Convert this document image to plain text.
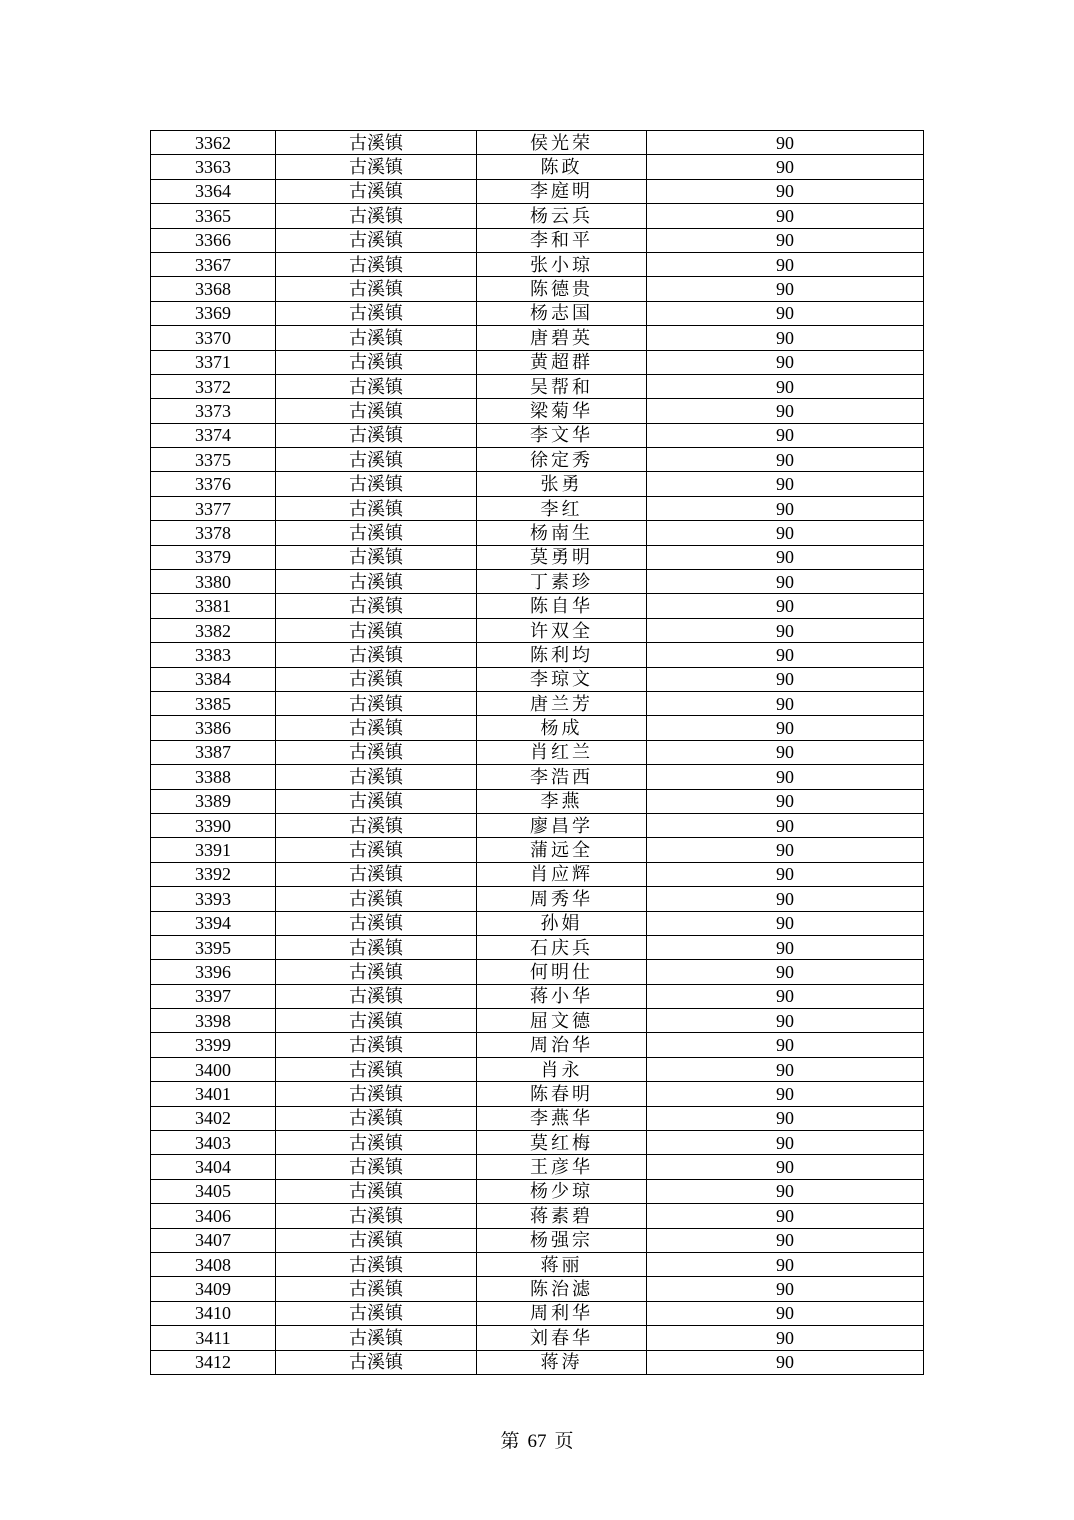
3362	古溪镇	侯光荣	90
3363	古溪镇	陈政	90
3364	古溪镇	李庭明	90
3365	古溪镇	杨云兵	90
3366	古溪镇	李和平	90
3367	古溪镇	张小琼	90
3368	古溪镇	陈德贵	90
3369	古溪镇	杨志国	90
3370	古溪镇	唐碧英	90
3371	古溪镇	黄超群	90
3372	古溪镇	吴帮和	90
3373	古溪镇	梁菊华	90
3374	古溪镇	李文华	90
3375	古溪镇	徐定秀	90
3376	古溪镇	张勇	90
3377	古溪镇	李红	90
3378	古溪镇	杨南生	90
3379	古溪镇	莫勇明	90
3380	古溪镇	丁素珍	90
3381	古溪镇	陈自华	90
3382	古溪镇	许双全	90
3383	古溪镇	陈利均	90
3384	古溪镇	李琼文	90
3385	古溪镇	唐兰芳	90
3386	古溪镇	杨成	90
3387	古溪镇	肖红兰	90
3388	古溪镇	李浩西	90
3389	古溪镇	李燕	90
3390	古溪镇	廖昌学	90
3391	古溪镇	蒲远全	90
3392	古溪镇	肖应辉	90
3393	古溪镇	周秀华	90
3394	古溪镇	孙娟	90
3395	古溪镇	石庆兵	90
3396	古溪镇	何明仕	90
3397	古溪镇	蒋小华	90
3398	古溪镇	屈文德	90
3399	古溪镇	周治华	90
3400	古溪镇	肖永	90
3401	古溪镇	陈春明	90
3402	古溪镇	李燕华	90
3403	古溪镇	莫红梅	90
3404	古溪镇	王彦华	90
3405	古溪镇	杨少琼	90
3406	古溪镇	蒋素碧	90
3407	古溪镇	杨强宗	90
3408	古溪镇	蒋丽	90
3409	古溪镇	陈治滤	90
3410	古溪镇	周利华	90
3411	古溪镇	刘春华	90
3412	古溪镇	蒋涛	90
第 67 页
